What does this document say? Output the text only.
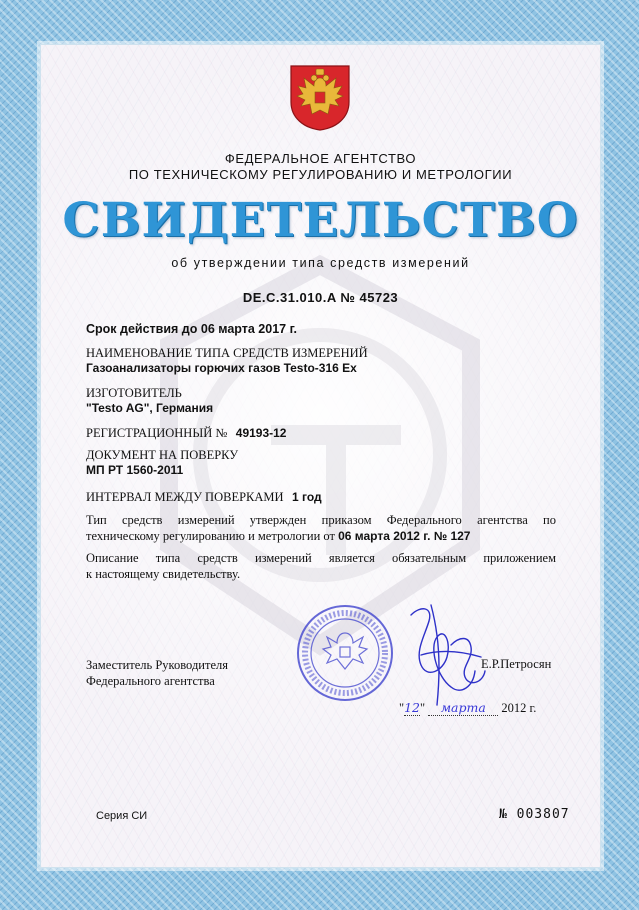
ФЕДЕРАЛЬНОЕ АГЕНТСТВО
ПО ТЕХНИЧЕСКОМУ РЕГУЛИРОВАНИЮ И МЕТРОЛОГИИ
СВИДЕТЕЛЬСТВО
об утверждении типа средств измерений
DE.C.31.010.A № 45723
Срок действия до 06 марта 2017 г.
НАИМЕНОВАНИЕ ТИПА СРЕДСТВ ИЗМЕРЕНИЙ
Газоанализаторы горючих газов Testo-316 Ex
ИЗГОТОВИТЕЛЬ
"Testo AG", Германия
РЕГИСТРАЦИОННЫЙ № 49193-12
ДОКУМЕНТ НА ПОВЕРКУ
МП РТ 1560-2011
ИНТЕРВАЛ МЕЖДУ ПОВЕРКАМИ 1 год
Тип средств измерений утвержден приказом Федерального агентства по
техническому регулированию и метрологии от 06 марта 2012 г. № 127
Описание типа средств измерений является обязательным приложением
к настоящему свидетельству.
Заместитель Руководителя
Федерального агентства
Е.Р.Петросян
"12" марта 2012 г.
Серия СИ	№ 003807
